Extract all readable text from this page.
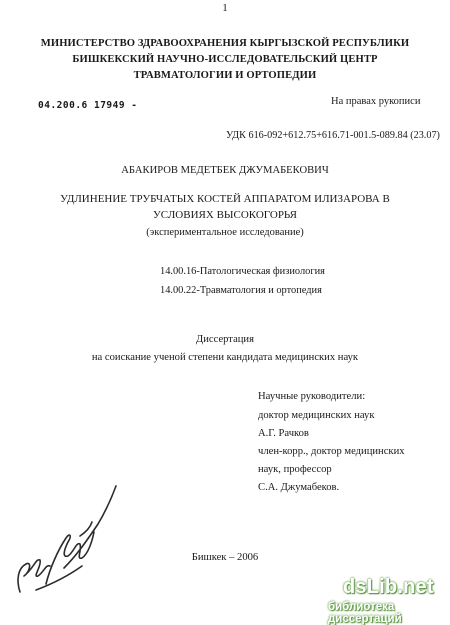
1
МИНИСТЕРСТВО ЗДРАВООХРАНЕНИЯ КЫРГЫЗСКОЙ РЕСПУБЛИКИ
БИШКЕКСКИЙ НАУЧНО-ИССЛЕДОВАТЕЛЬСКИЙ ЦЕНТР
ТРАВМАТОЛОГИИ И ОРТОПЕДИИ
04.200.6 17949 -	На правах рукописи
УДК 616-092+612.75+616.71-001.5-089.84 (23.07)
АБАКИРОВ МЕДЕТБЕК ДЖУМАБЕКОВИЧ
УДЛИНЕНИЕ ТРУБЧАТЫХ КОСТЕЙ АППАРАТОМ ИЛИЗАРОВА В
УСЛОВИЯХ ВЫСОКОГОРЬЯ
(экспериментальное исследование)
14.00.16-Патологическая физиология
14.00.22-Травматология и ортопедия
Диссертация
на соискание ученой степени кандидата медицинских наук
Научные руководители:
доктор медицинских наук
А.Г. Рачков
член-корр., доктор медицинских
наук, профессор
С.А. Джумабеков.
Бишкек – 2006
dsLib.net
библиотека диссертаций
